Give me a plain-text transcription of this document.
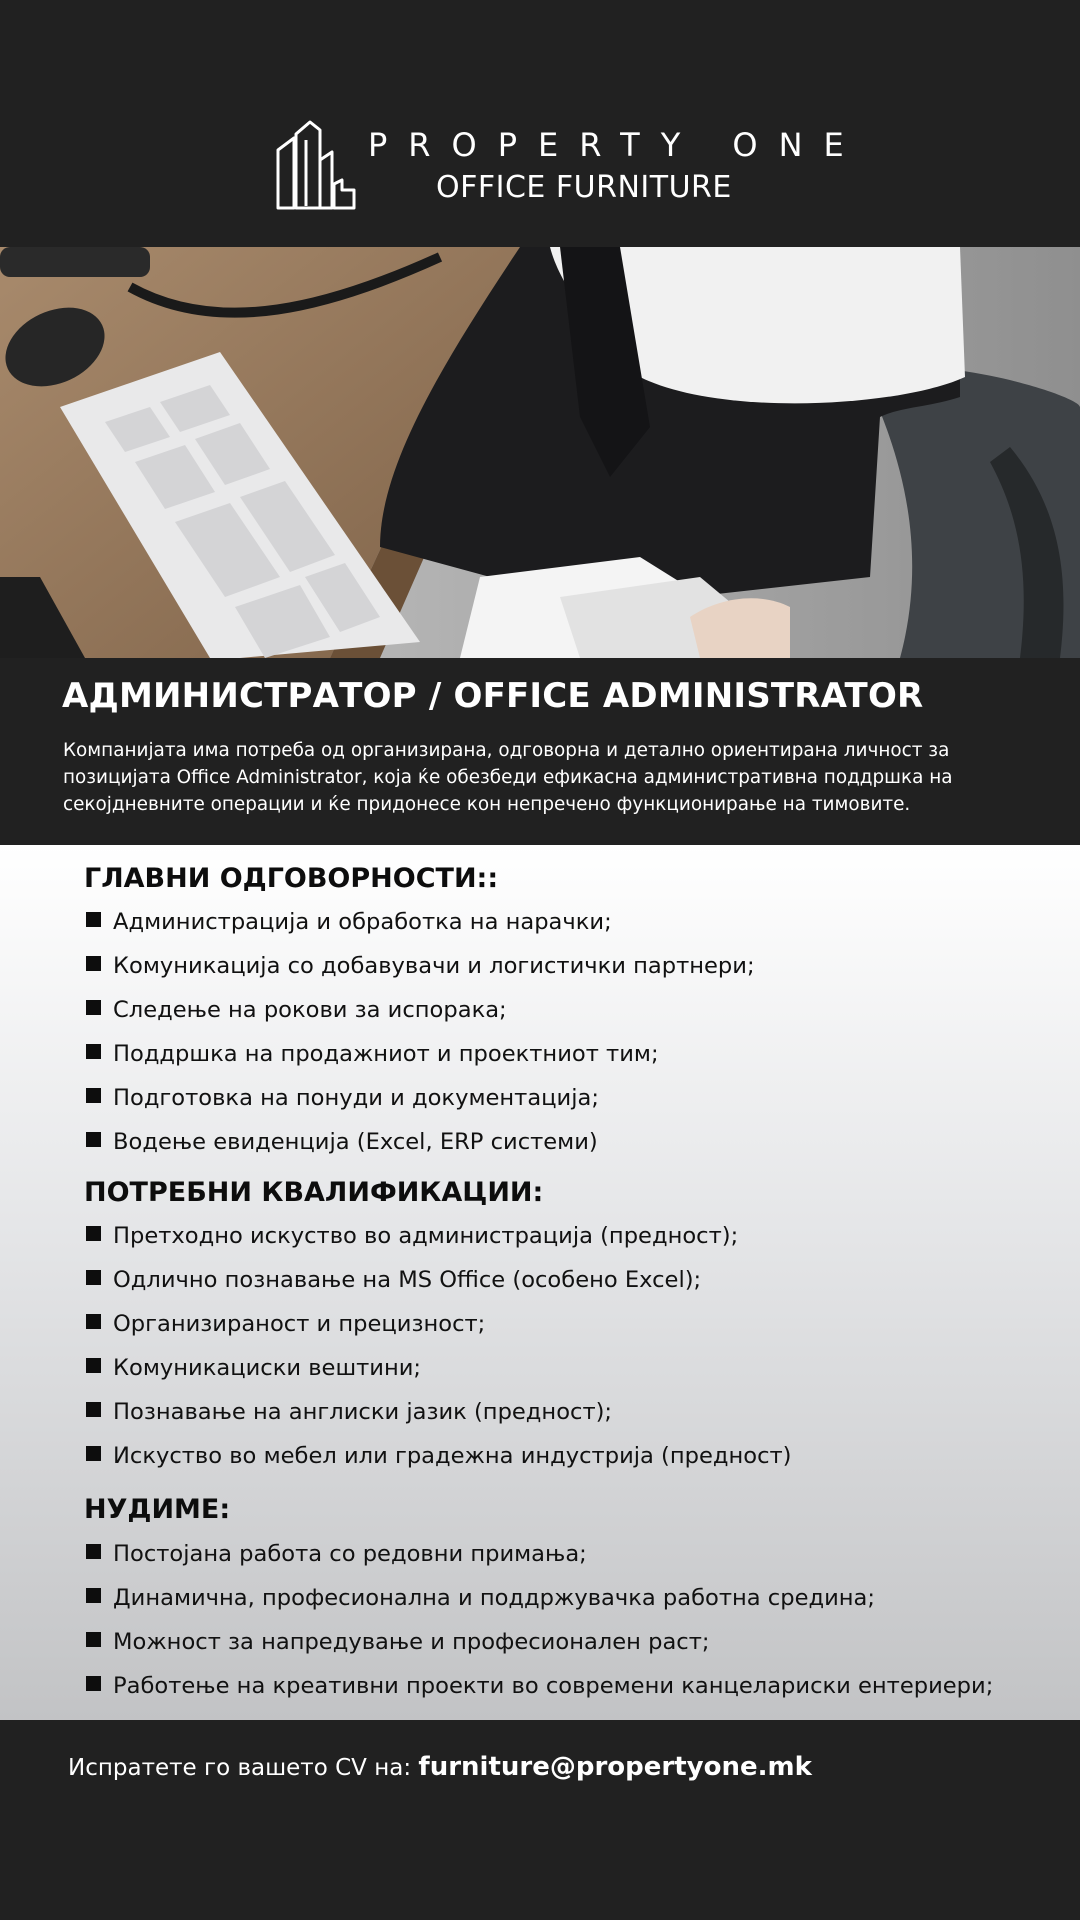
PROPERTY ONE
OFFICE FURNITURE
АДМИНИСТРАТОР / OFFICE ADMINISTRATOR

Компанијата има потреба од организирана, одговорна и детално ориентирана личност за позицијата Office Administrator, која ќе обезбеди ефикасна административна поддршка на секојдневните операции и ќе придонесе кон непречено функционирање на тимовите.

ГЛАВНИ ОДГОВОРНОСТИ::
Администрација и обработка на нарачки;
Комуникација со добавувачи и логистички партнери;
Следење на рокови за испорака;
Поддршка на продажниот и проектниот тим;
Подготовка на понуди и документација;
Водење евиденција (Excel, ERP системи)
ПОТРЕБНИ КВАЛИФИКАЦИИ:
Претходно искуство во администрација (предност);
Одлично познавање на MS Office (особено Excel);
Организираност и прецизност;
Комуникациски вештини;
Познавање на англиски јазик (предност);
Искуство во мебел или градежна индустрија (предност)
НУДИМЕ:
Постојана работа со редовни примања;
Динамична, професионална и поддржувачка работна средина;
Можност за напредување и професионален раст;
Работење на креативни проекти во современи канцелариски ентериери;
Испратете го вашето CV на: furniture@propertyone.mk
